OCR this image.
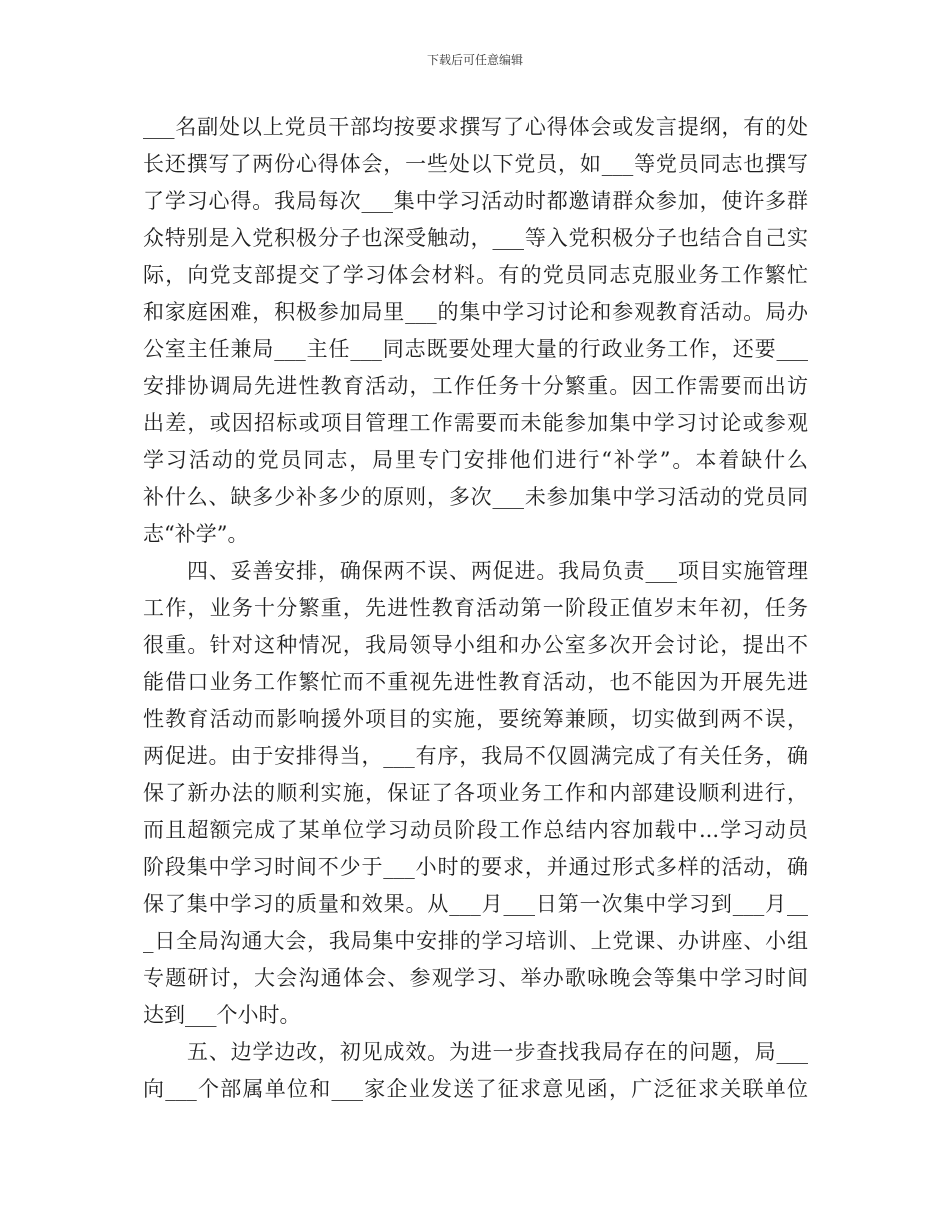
下载后可任意编辑
___名副处以上党员干部均按要求撰写了心得体会或发言提纲，有的处
长还撰写了两份心得体会，一些处以下党员，如___等党员同志也撰写
了学习心得。我局每次___集中学习活动时都邀请群众参加，使许多群
众特别是入党积极分子也深受触动，___等入党积极分子也结合自己实
际，向党支部提交了学习体会材料。有的党员同志克服业务工作繁忙
和家庭困难，积极参加局里___的集中学习讨论和参观教育活动。局办
公室主任兼局___主任___同志既要处理大量的行政业务工作，还要___
安排协调局先进性教育活动，工作任务十分繁重。因工作需要而出访
出差，或因招标或项目管理工作需要而未能参加集中学习讨论或参观
学习活动的党员同志，局里专门安排他们进行“补学”。本着缺什么
补什么、缺多少补多少的原则，多次___未参加集中学习活动的党员同
志“补学”。
四、妥善安排，确保两不误、两促进。我局负责___项目实施管理
工作，业务十分繁重，先进性教育活动第一阶段正值岁末年初，任务
很重。针对这种情况，我局领导小组和办公室多次开会讨论，提出不
能借口业务工作繁忙而不重视先进性教育活动，也不能因为开展先进
性教育活动而影响援外项目的实施，要统筹兼顾，切实做到两不误，
两促进。由于安排得当，___有序，我局不仅圆满完成了有关任务，确
保了新办法的顺利实施，保证了各项业务工作和内部建设顺利进行，
而且超额完成了某单位学习动员阶段工作总结内容加载中...学习动员
阶段集中学习时间不少于___小时的要求，并通过形式多样的活动，确
保了集中学习的质量和效果。从___月___日第一次集中学习到___月__
_日全局沟通大会，我局集中安排的学习培训、上党课、办讲座、小组
专题研讨，大会沟通体会、参观学习、举办歌咏晚会等集中学习时间
达到___个小时。
五、边学边改，初见成效。为进一步查找我局存在的问题，局___
向___个部属单位和___家企业发送了征求意见函，广泛征求关联单位
